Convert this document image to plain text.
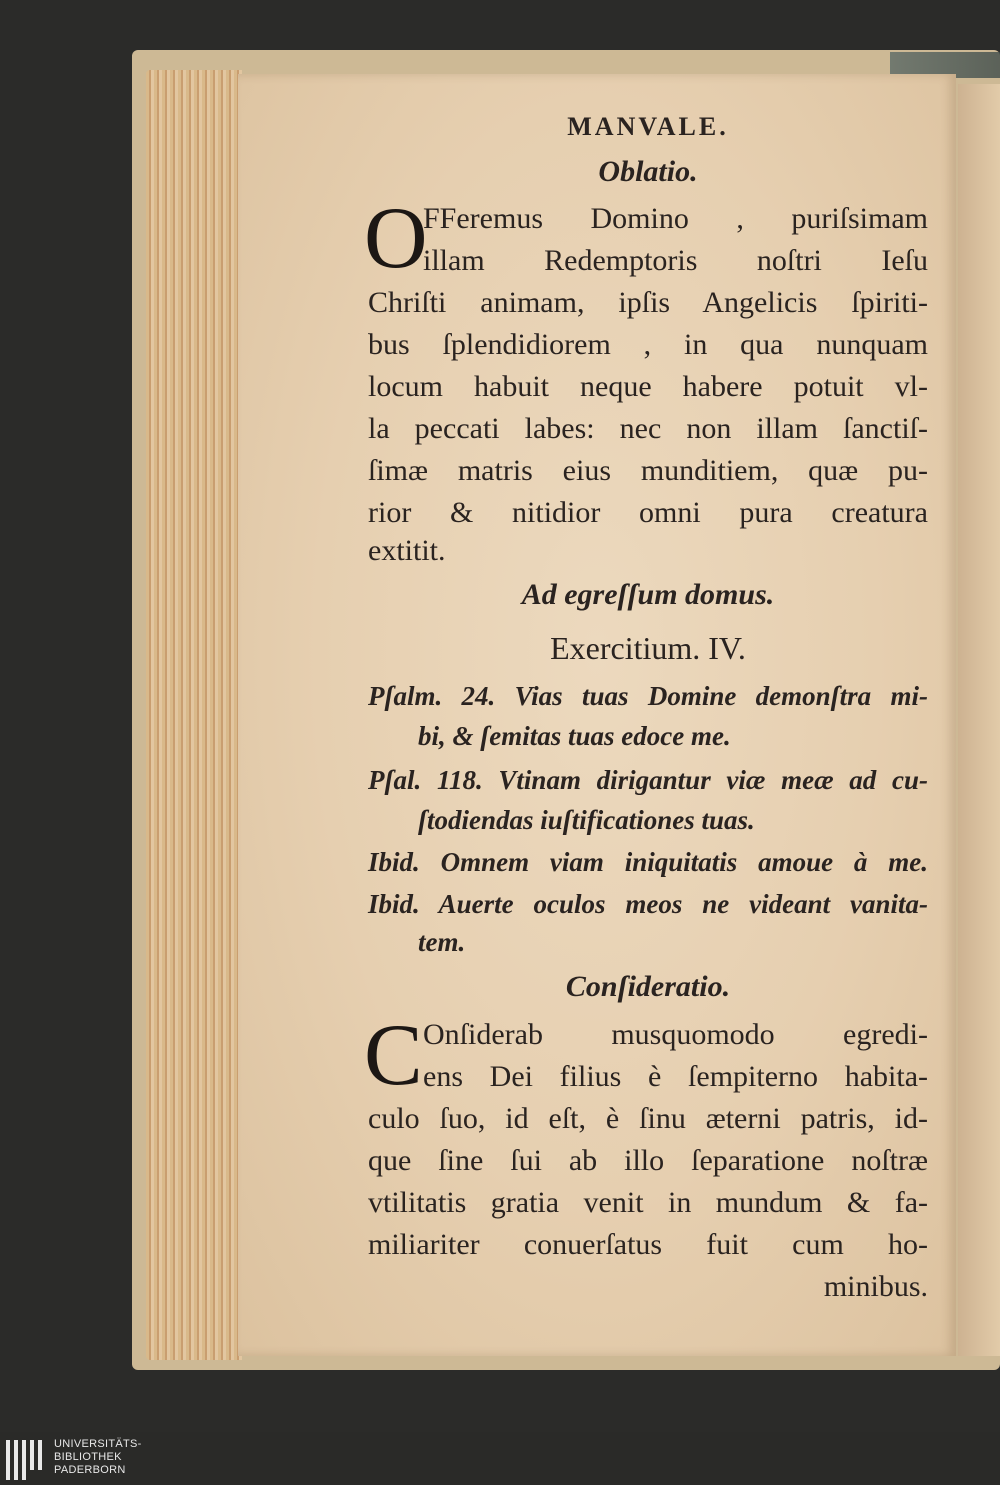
MANVALE.
Oblatio.
O
FFeremus Domino , puriſsimam
illam Redemptoris noſtri Ieſu
Chriſti animam, ipſis Angelicis ſpiriti-
bus ſplendidiorem , in qua nunquam
locum habuit neque habere potuit vl-
la peccati labes: nec non illam ſanctiſ-
ſimæ matris eius munditiem, quæ pu-
rior & nitidior omni pura creatura
extitit.
Ad egreſſum domus.
Exercitium. IV.
Pſalm. 24. Vias tuas Domine demonſtra mi-
bi, & ſemitas tuas edoce me.
Pſal. 118. Vtinam dirigantur viæ meæ ad cu-
ſtodiendas iuſtificationes tuas.
Ibid. Omnem viam iniquitatis amoue à me.
Ibid. Auerte oculos meos ne videant vanita-
tem.
Conſideratio.
C Onſiderab musquomodo egredi-
ens Dei filius è ſempiterno habita-
culo ſuo, id eſt, è ſinu æterni patris, id-
que ſine ſui ab illo ſeparatione noſtræ
vtilitatis gratia venit in mundum & fa-
miliariter conuerſatus fuit cum ho-
minibus.
UNIVERSITÄTS-
BIBLIOTHEK
PADERBORN
